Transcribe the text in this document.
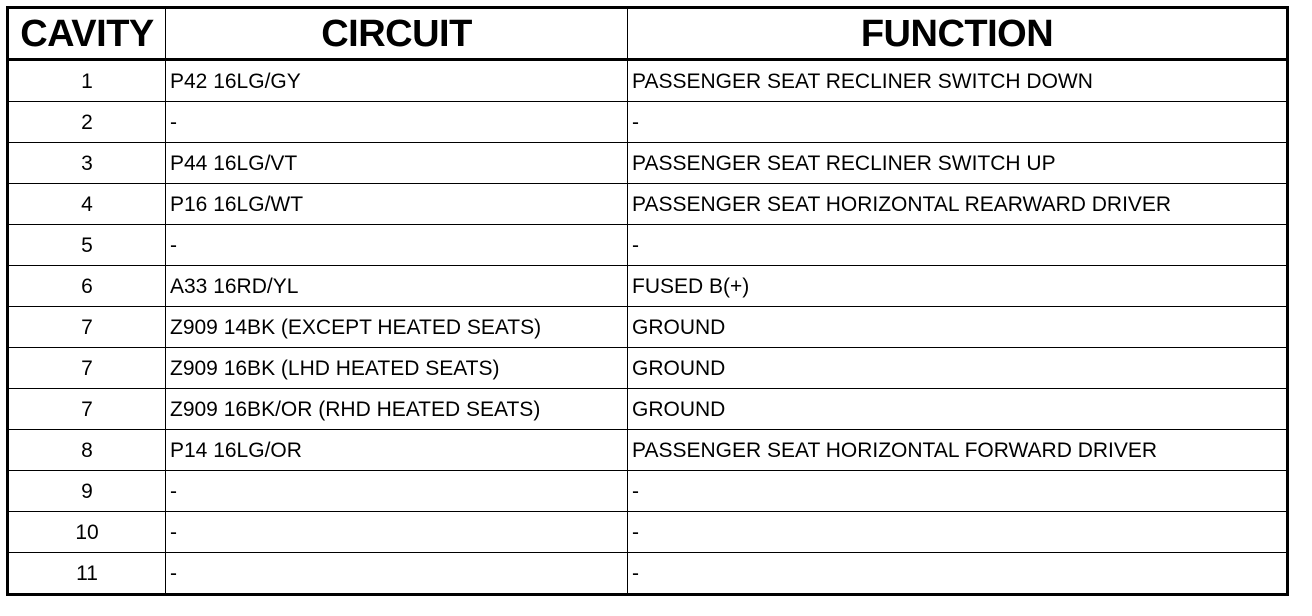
CAVITY	CIRCUIT	FUNCTION
1	P42 16LG/GY	PASSENGER SEAT RECLINER SWITCH DOWN
2	-	-
3	P44 16LG/VT	PASSENGER SEAT RECLINER SWITCH UP
4	P16 16LG/WT	PASSENGER SEAT HORIZONTAL REARWARD DRIVER
5	-	-
6	A33 16RD/YL	FUSED B(+)
7	Z909 14BK (EXCEPT HEATED SEATS)	GROUND
7	Z909 16BK (LHD HEATED SEATS)	GROUND
7	Z909 16BK/OR (RHD HEATED SEATS)	GROUND
8	P14 16LG/OR	PASSENGER SEAT HORIZONTAL FORWARD DRIVER
9	-	-
10	-	-
11	-	-
